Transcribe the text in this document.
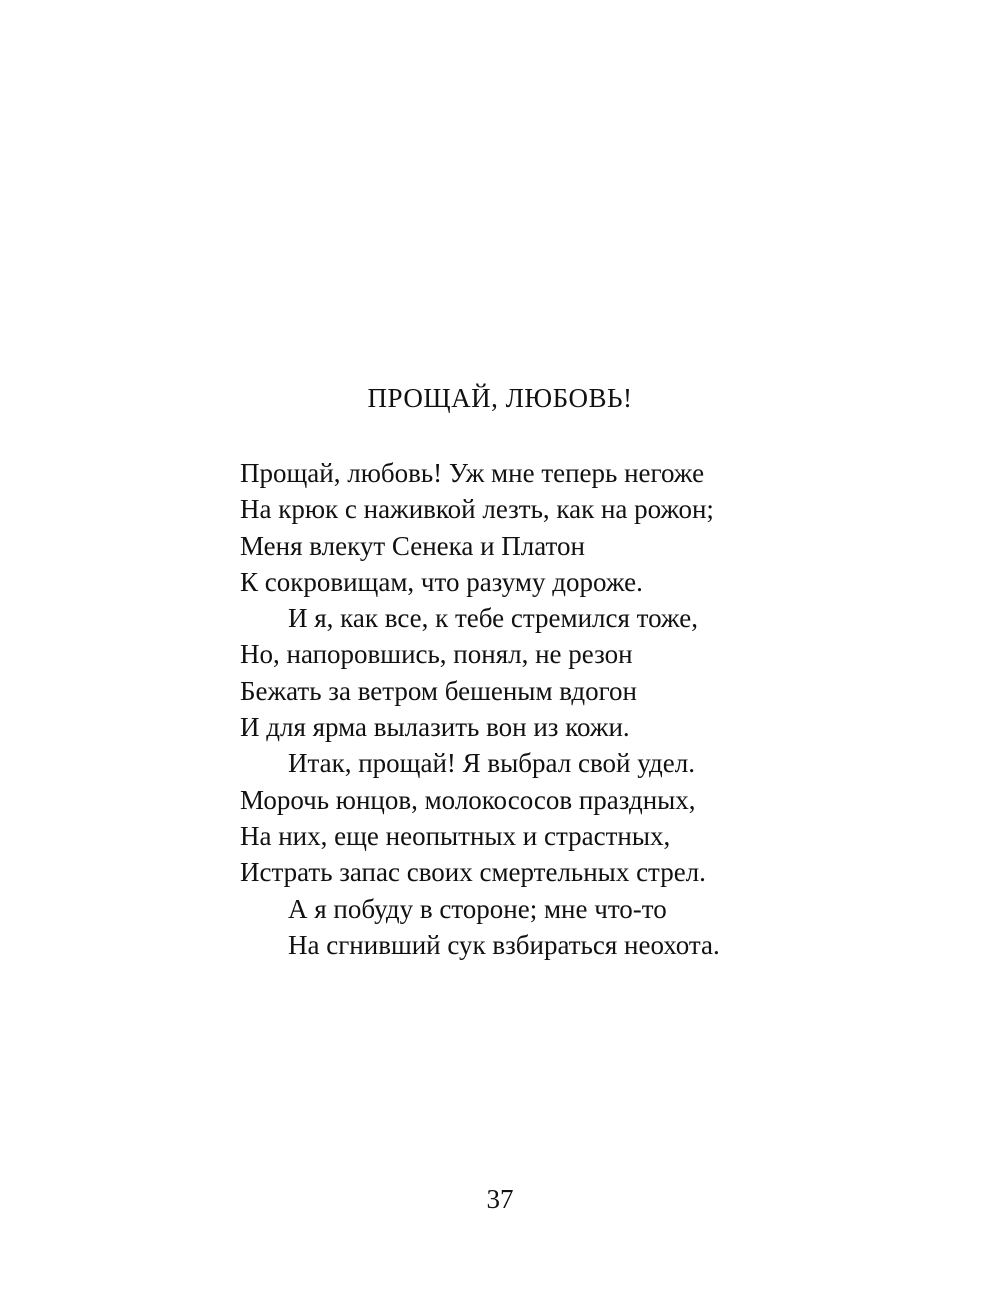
ПРОЩАЙ, ЛЮБОВЬ!
Прощай, любовь! Уж мне теперь негоже
На крюк с наживкой лезть, как на рожон;
Меня влекут Сенека и Платон
К сокровищам, что разуму дороже.
И я, как все, к тебе стремился тоже,
Но, напоровшись, понял, не резон
Бежать за ветром бешеным вдогон
И для ярма вылазить вон из кожи.
Итак, прощай! Я выбрал свой удел.
Морочь юнцов, молокососов праздных,
На них, еще неопытных и страстных,
Истрать запас своих смертельных стрел.
А я побуду в стороне; мне что-то
На сгнивший сук взбираться неохота.
37
